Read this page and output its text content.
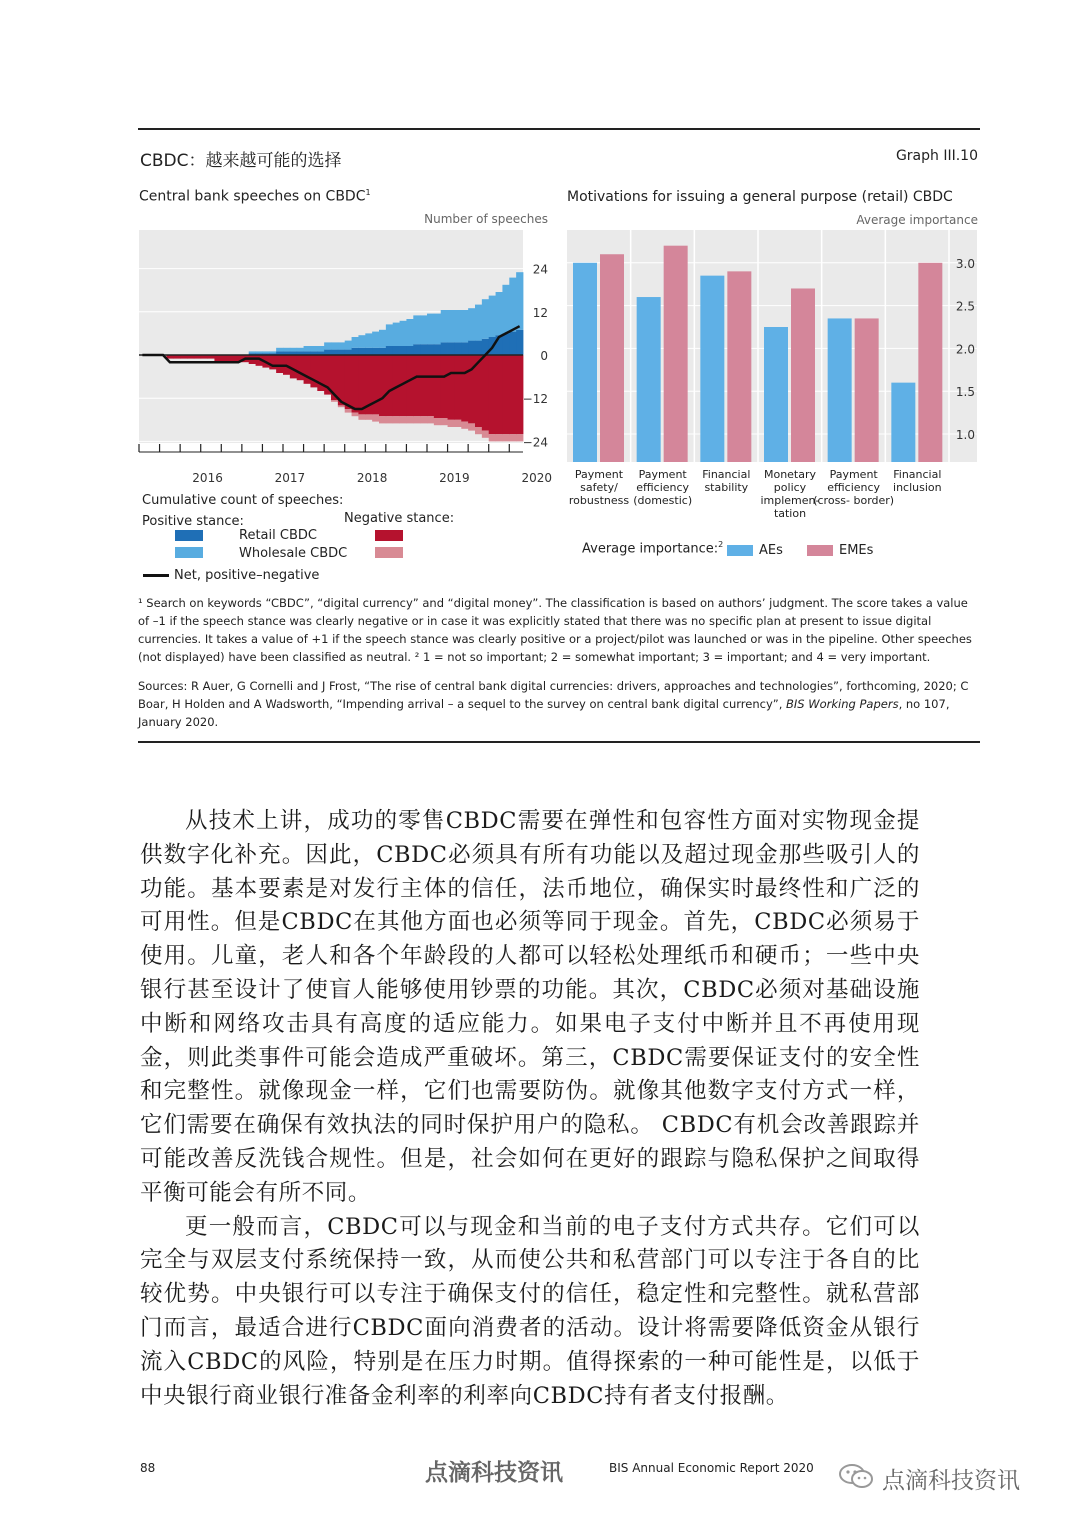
CBDC：越来越可能的选择	Graph III.10
Central bank speeches on CBDC$^1$
Number of speeches
Motivations for issuing a general purpose (retail) CBDC
Average importance
2016	2017	2018	2019	2020
24
12
0
−12
−24
3.0
2.5
2.0
1.5
1.0
Payment safety/ robustness
Payment efficiency (domestic)
Financial stability
Monetary policy implemen-tation
Payment efficiency (cross- border)
Financial inclusion
Cumulative count of speeches:
Positive stance:	Negative stance:
Retail CBDC
Wholesale CBDC
Net, positive–negative
Average importance:$^2$	AEs	EMEs
¹ Search on keywords “CBDC”, “digital currency” and “digital money”. The classification is based on authors’ judgment. The score takes a value of –1 if the speech stance was clearly negative or in case it was explicitly stated that there was no specific plan at present to issue digital currencies. It takes a value of +1 if the speech stance was clearly positive or a project/pilot was launched or was in the pipeline. Other speeches (not displayed) have been classified as neutral. ² 1 = not so important; 2 = somewhat important; 3 = important; and 4 = very important.
Sources: R Auer, G Cornelli and J Frost, “The rise of central bank digital currencies: drivers, approaches and technologies”, forthcoming, 2020; C Boar, H Holden and A Wadsworth, “Impending arrival – a sequel to the survey on central bank digital currency”, BIS Working Papers, no 107, January 2020.

从技术上讲，成功的零售CBDC需要在弹性和包容性方面对实物现金提供数字化补充。因此，CBDC必须具有所有功能以及超过现金那些吸引人的功能。基本要素是对发行主体的信任，法币地位，确保实时最终性和广泛的可用性。但是CBDC在其他方面也必须等同于现金。首先，CBDC必须易于使用。儿童，老人和各个年龄段的人都可以轻松处理纸币和硬币；一些中央银行甚至设计了使盲人能够使用钞票的功能。其次，CBDC必须对基础设施中断和网络攻击具有高度的适应能力。如果电子支付中断并且不再使用现金，则此类事件可能会造成严重破坏。第三，CBDC需要保证支付的安全性和完整性。就像现金一样，它们也需要防伪。就像其他数字支付方式一样，它们需要在确保有效执法的同时保护用户的隐私。 CBDC有机会改善跟踪并可能改善反洗钱合规性。但是，社会如何在更好的跟踪与隐私保护之间取得平衡可能会有所不同。

更一般而言，CBDC可以与现金和当前的电子支付方式共存。它们可以完全与双层支付系统保持一致，从而使公共和私营部门可以专注于各自的比较优势。中央银行可以专注于确保支付的信任，稳定性和完整性。就私营部门而言，最适合进行CBDC面向消费者的活动。设计将需要降低资金从银行流入CBDC的风险，特别是在压力时期。值得探索的一种可能性是，以低于中央银行商业银行准备金利率的利率向CBDC持有者支付报酬。

88	点滴科技资讯	BIS Annual Economic Report 2020	点滴科技资讯
